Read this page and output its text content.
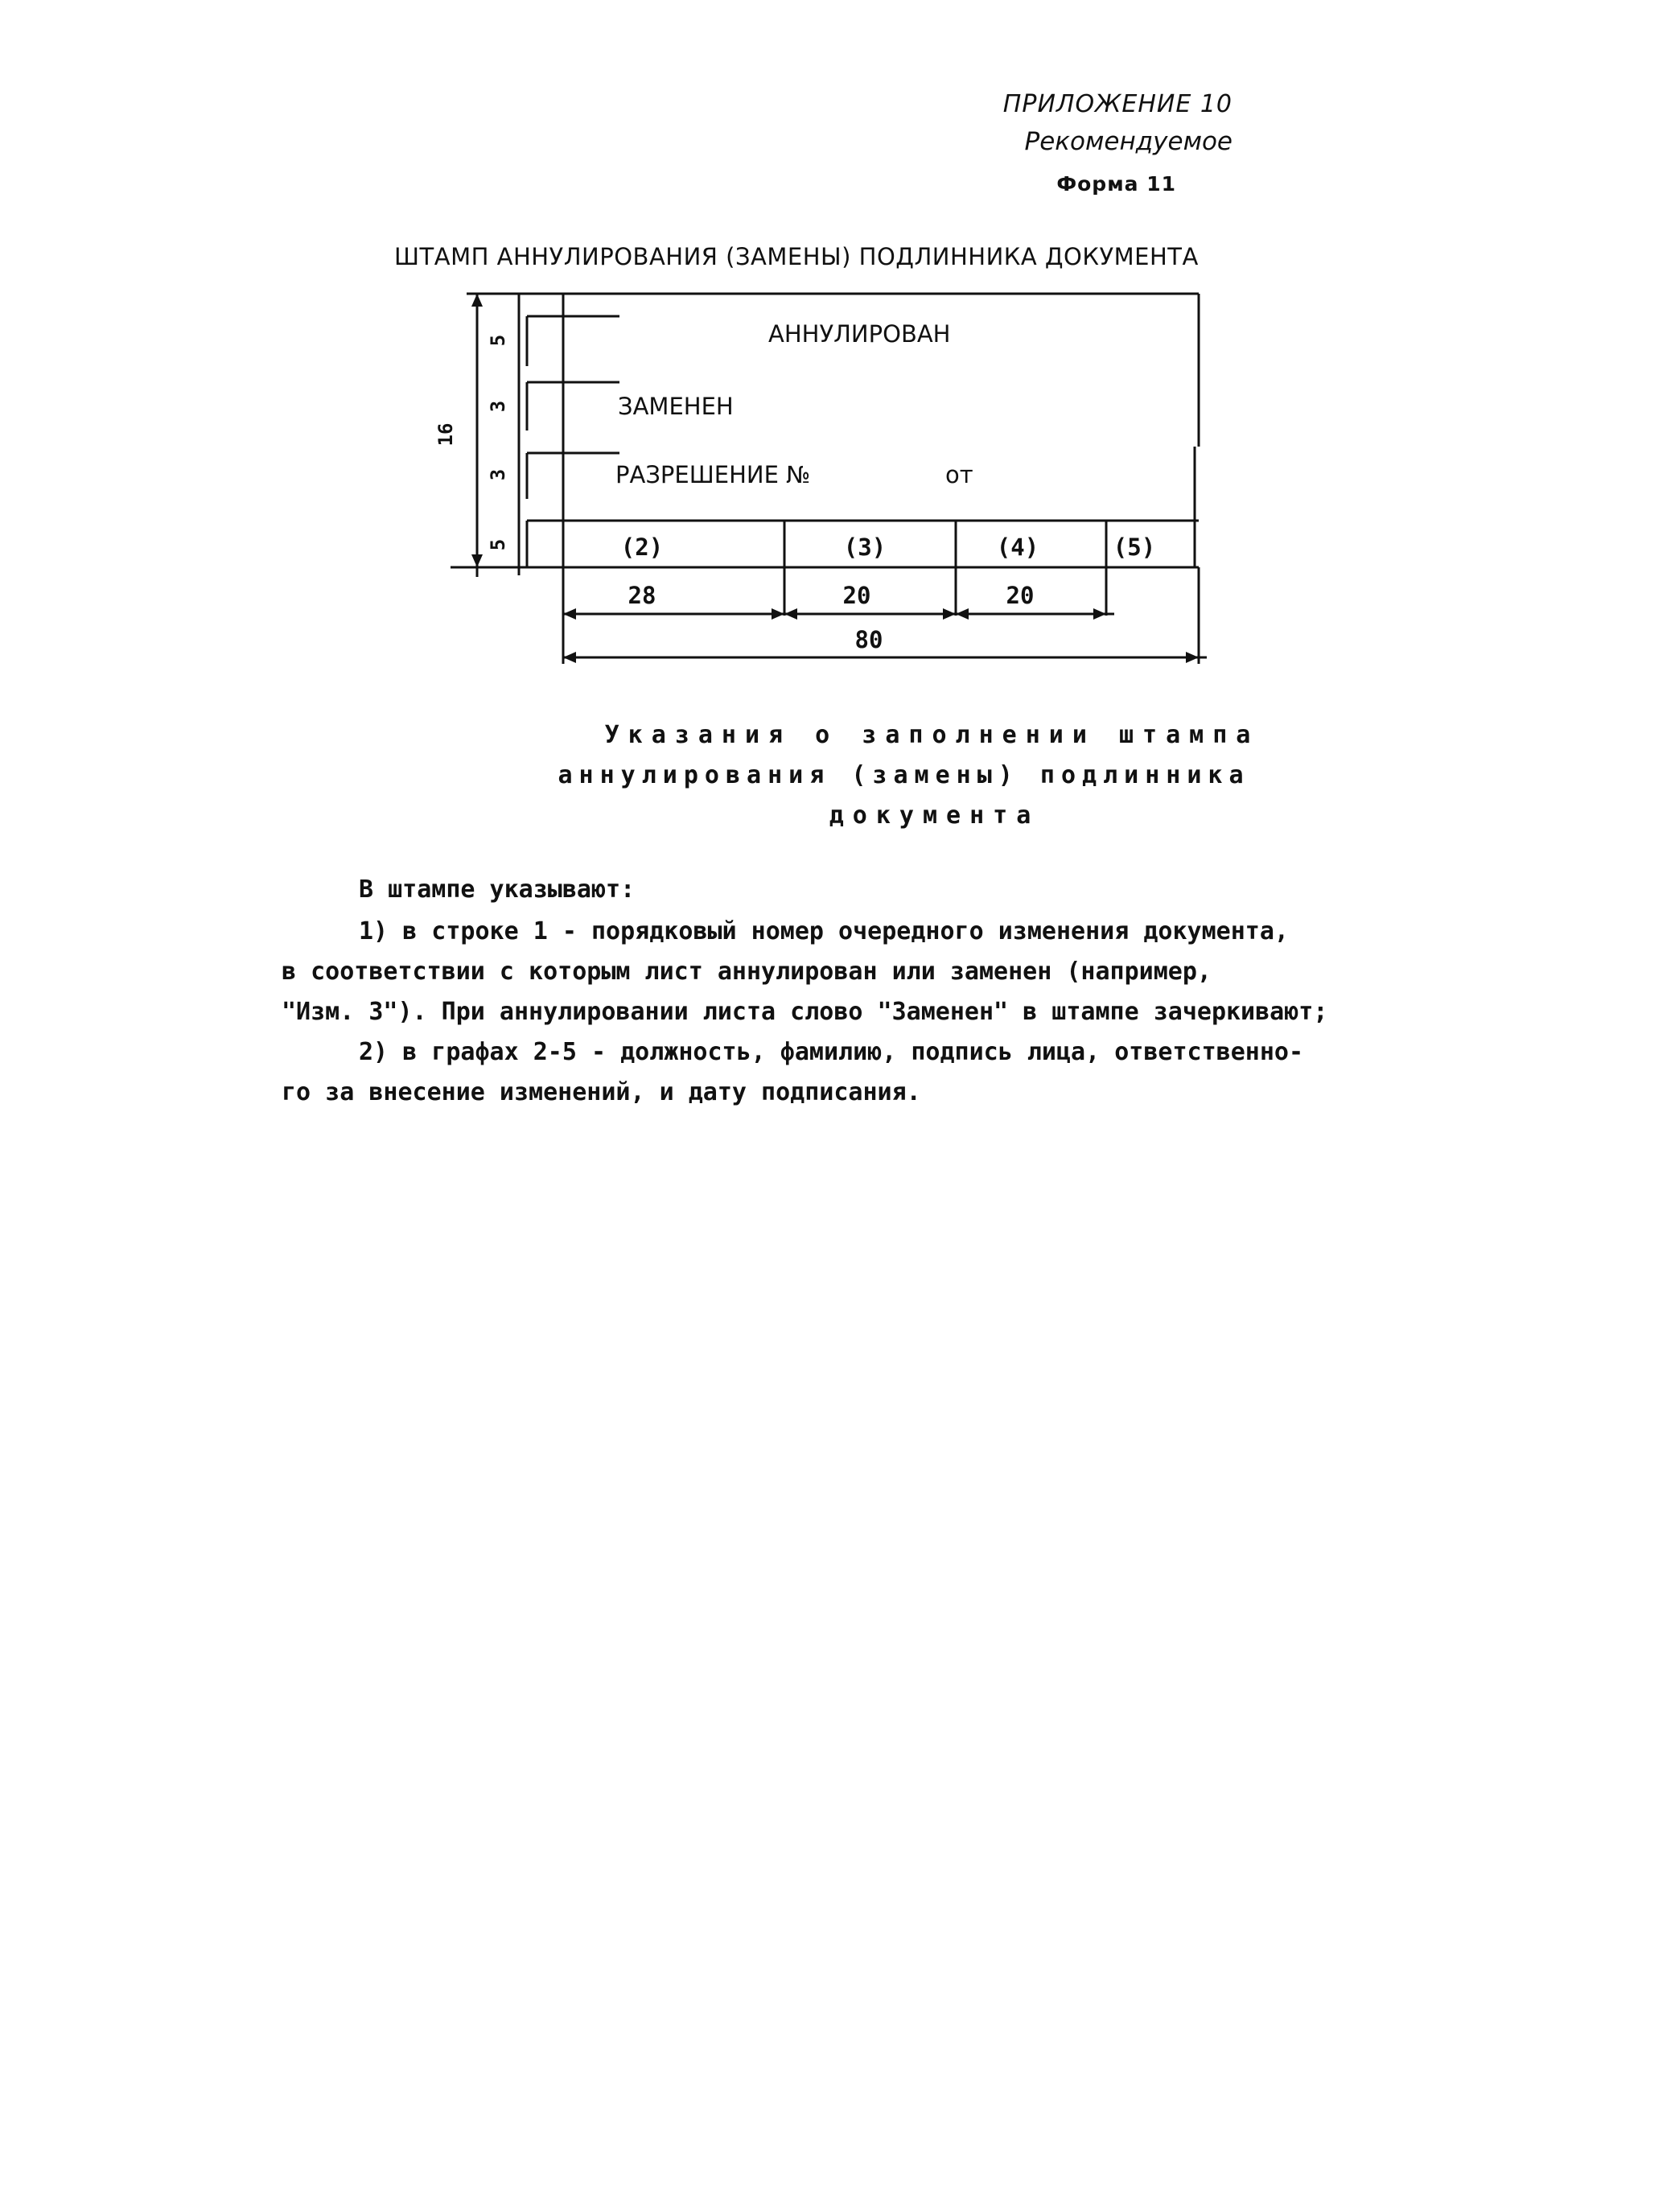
ПРИЛОЖЕНИЕ 10
Рекомендуемое
Форма 11
ШТАМП АННУЛИРОВАНИЯ (ЗАМЕНЫ) ПОДЛИННИКА ДОКУМЕНТА
АННУЛИРОВАН
ЗАМЕНЕН
РАЗРЕШЕНИЕ №	от
(2)	(3)	(4)	(5)
28	20	20
80
5
3
3
5
16
Указания о заполнении штампа
аннулирования (замены) подлинника
документа
В штампе указывают:
1) в строке 1 - порядковый номер очередного изменения документа,
в соответствии с которым лист аннулирован или заменен (например,
"Изм. 3"). При аннулировании листа слово "Заменен" в штампе зачеркивают;
2) в графах 2-5 - должность, фамилию, подпись лица, ответственно-
го за внесение изменений, и дату подписания.
